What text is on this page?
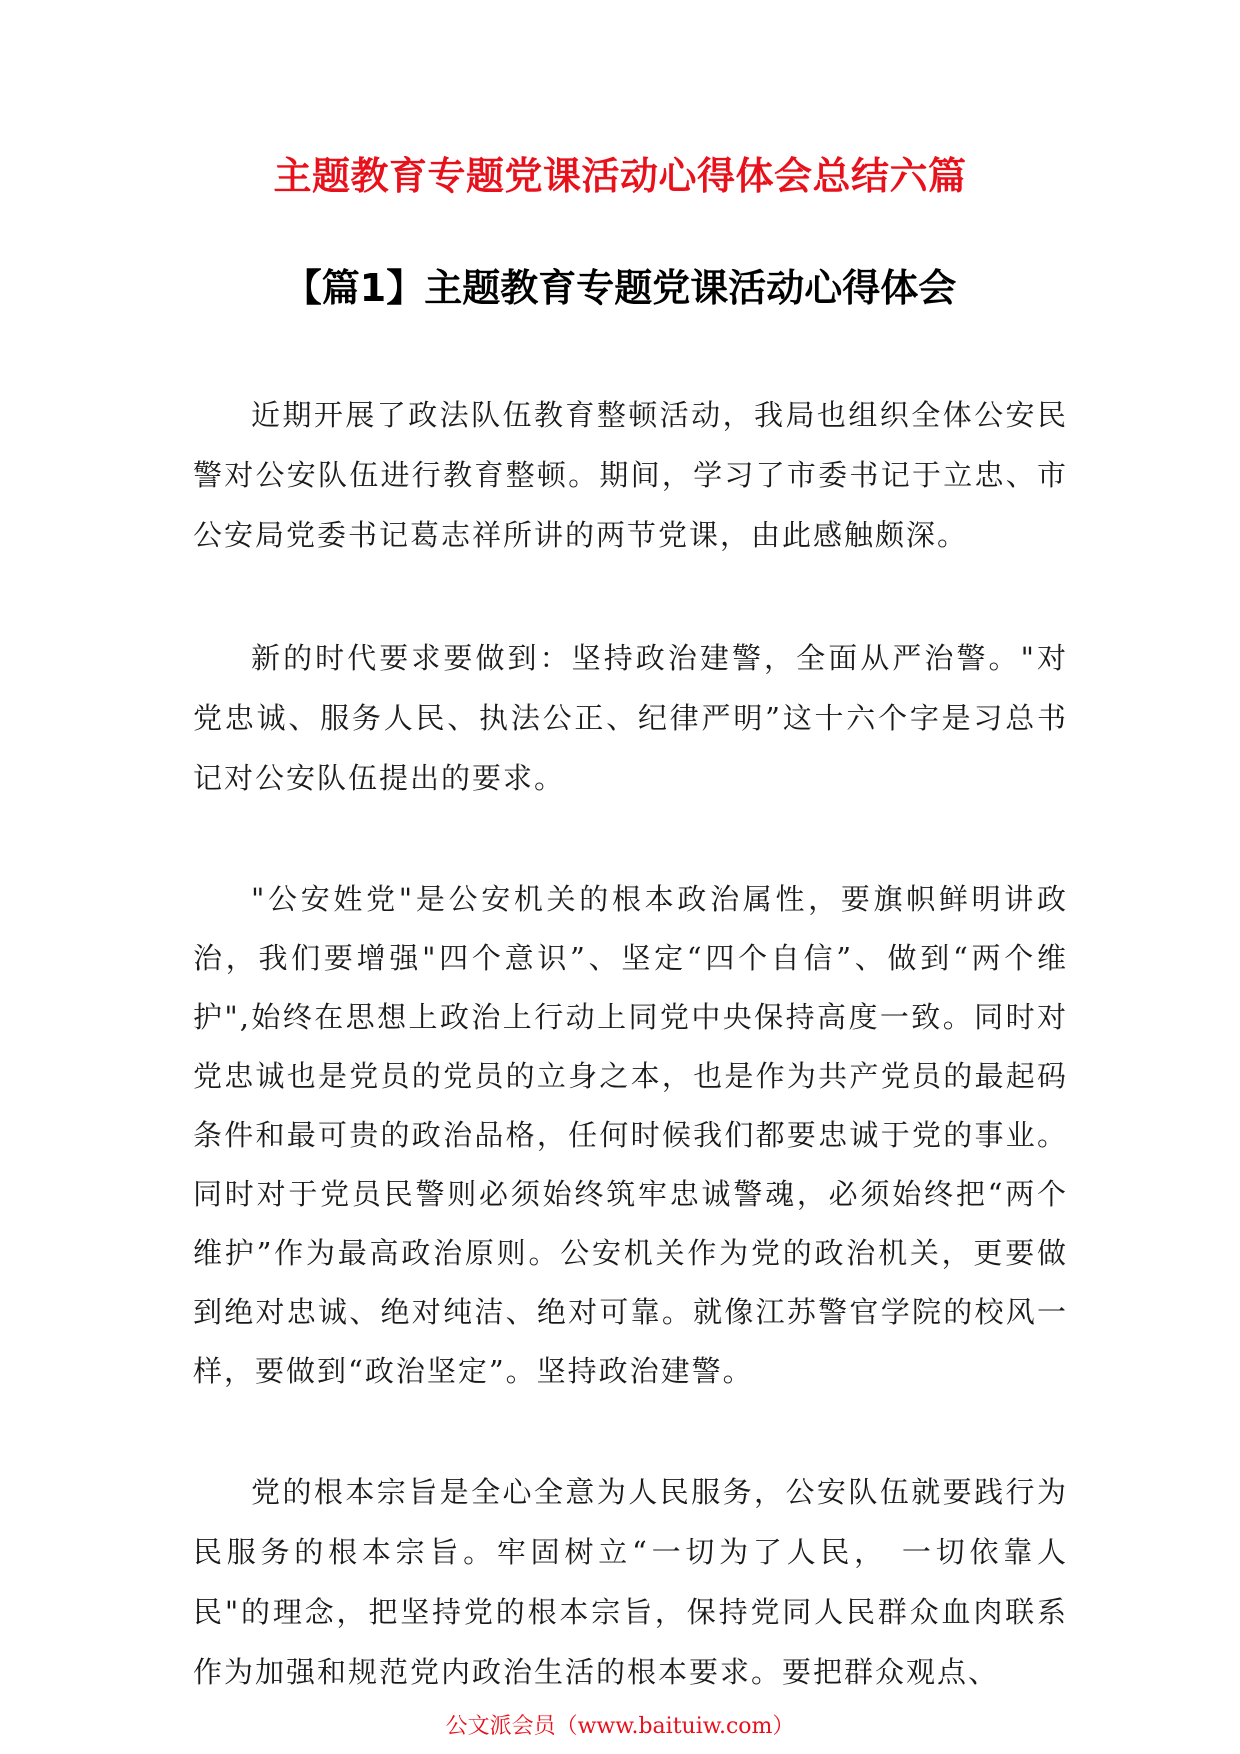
主题教育专题党课活动心得体会总结六篇
【篇1】主题教育专题党课活动心得体会

近期开展了政法队伍教育整顿活动，我局也组织全体公安民警对公安队伍进行教育整顿。期间，学习了市委书记于立忠、市公安局党委书记葛志祥所讲的两节党课，由此感触颇深。

新的时代要求要做到：坚持政治建警，全面从严治警。"对党忠诚、服务人民、执法公正、纪律严明”这十六个字是习总书记对公安队伍提出的要求。

"公安姓党"是公安机关的根本政治属性，要旗帜鲜明讲政治，我们要增强"四个意识”、坚定“四个自信”、做到“两个维护",始终在思想上政治上行动上同党中央保持高度一致。同时对党忠诚也是党员的党员的立身之本，也是作为共产党员的最起码条件和最可贵的政治品格，任何时候我们都要忠诚于党的事业。同时对于党员民警则必须始终筑牢忠诚警魂，必须始终把“两个维护”作为最高政治原则。公安机关作为党的政治机关，更要做到绝对忠诚、绝对纯洁、绝对可靠。就像江苏警官学院的校风一样，要做到“政治坚定”。坚持政治建警。

党的根本宗旨是全心全意为人民服务，公安队伍就要践行为民服务的根本宗旨。牢固树立“一切为了人民， 一切依靠人民"的理念，把坚持党的根本宗旨，保持党同人民群众血肉联系作为加强和规范党内政治生活的根本要求。要把群众观点、

公文派会员（www.baituiw.com）
